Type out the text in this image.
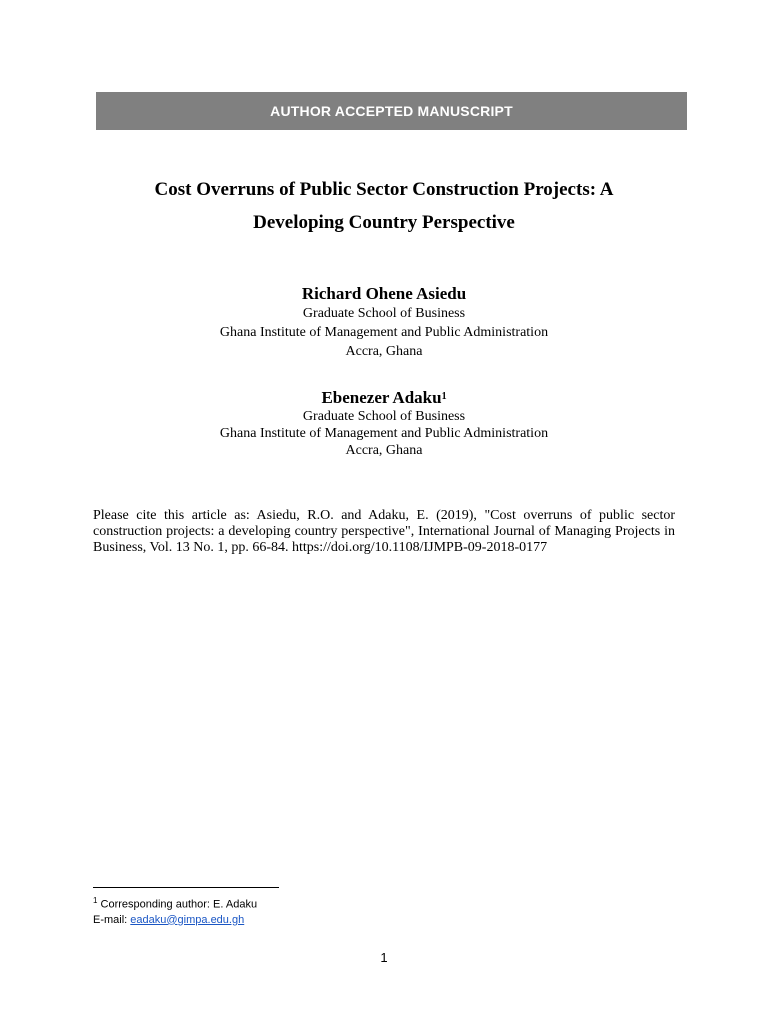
AUTHOR ACCEPTED MANUSCRIPT
Cost Overruns of Public Sector Construction Projects: A
Developing Country Perspective
Richard Ohene Asiedu
Graduate School of Business
Ghana Institute of Management and Public Administration
Accra, Ghana
Ebenezer Adaku$^1$
Graduate School of Business
Ghana Institute of Management and Public Administration
Accra, Ghana
Please cite this article as: Asiedu, R.O. and Adaku, E. (2019), "Cost overruns of public sector construction projects: a developing country perspective", International Journal of Managing Projects in Business, Vol. 13 No. 1, pp. 66-84. https://doi.org/10.1108/IJMPB-09-2018-0177
$^1$ Corresponding author: E. Adaku
E-mail: eadaku@gimpa.edu.gh
1
